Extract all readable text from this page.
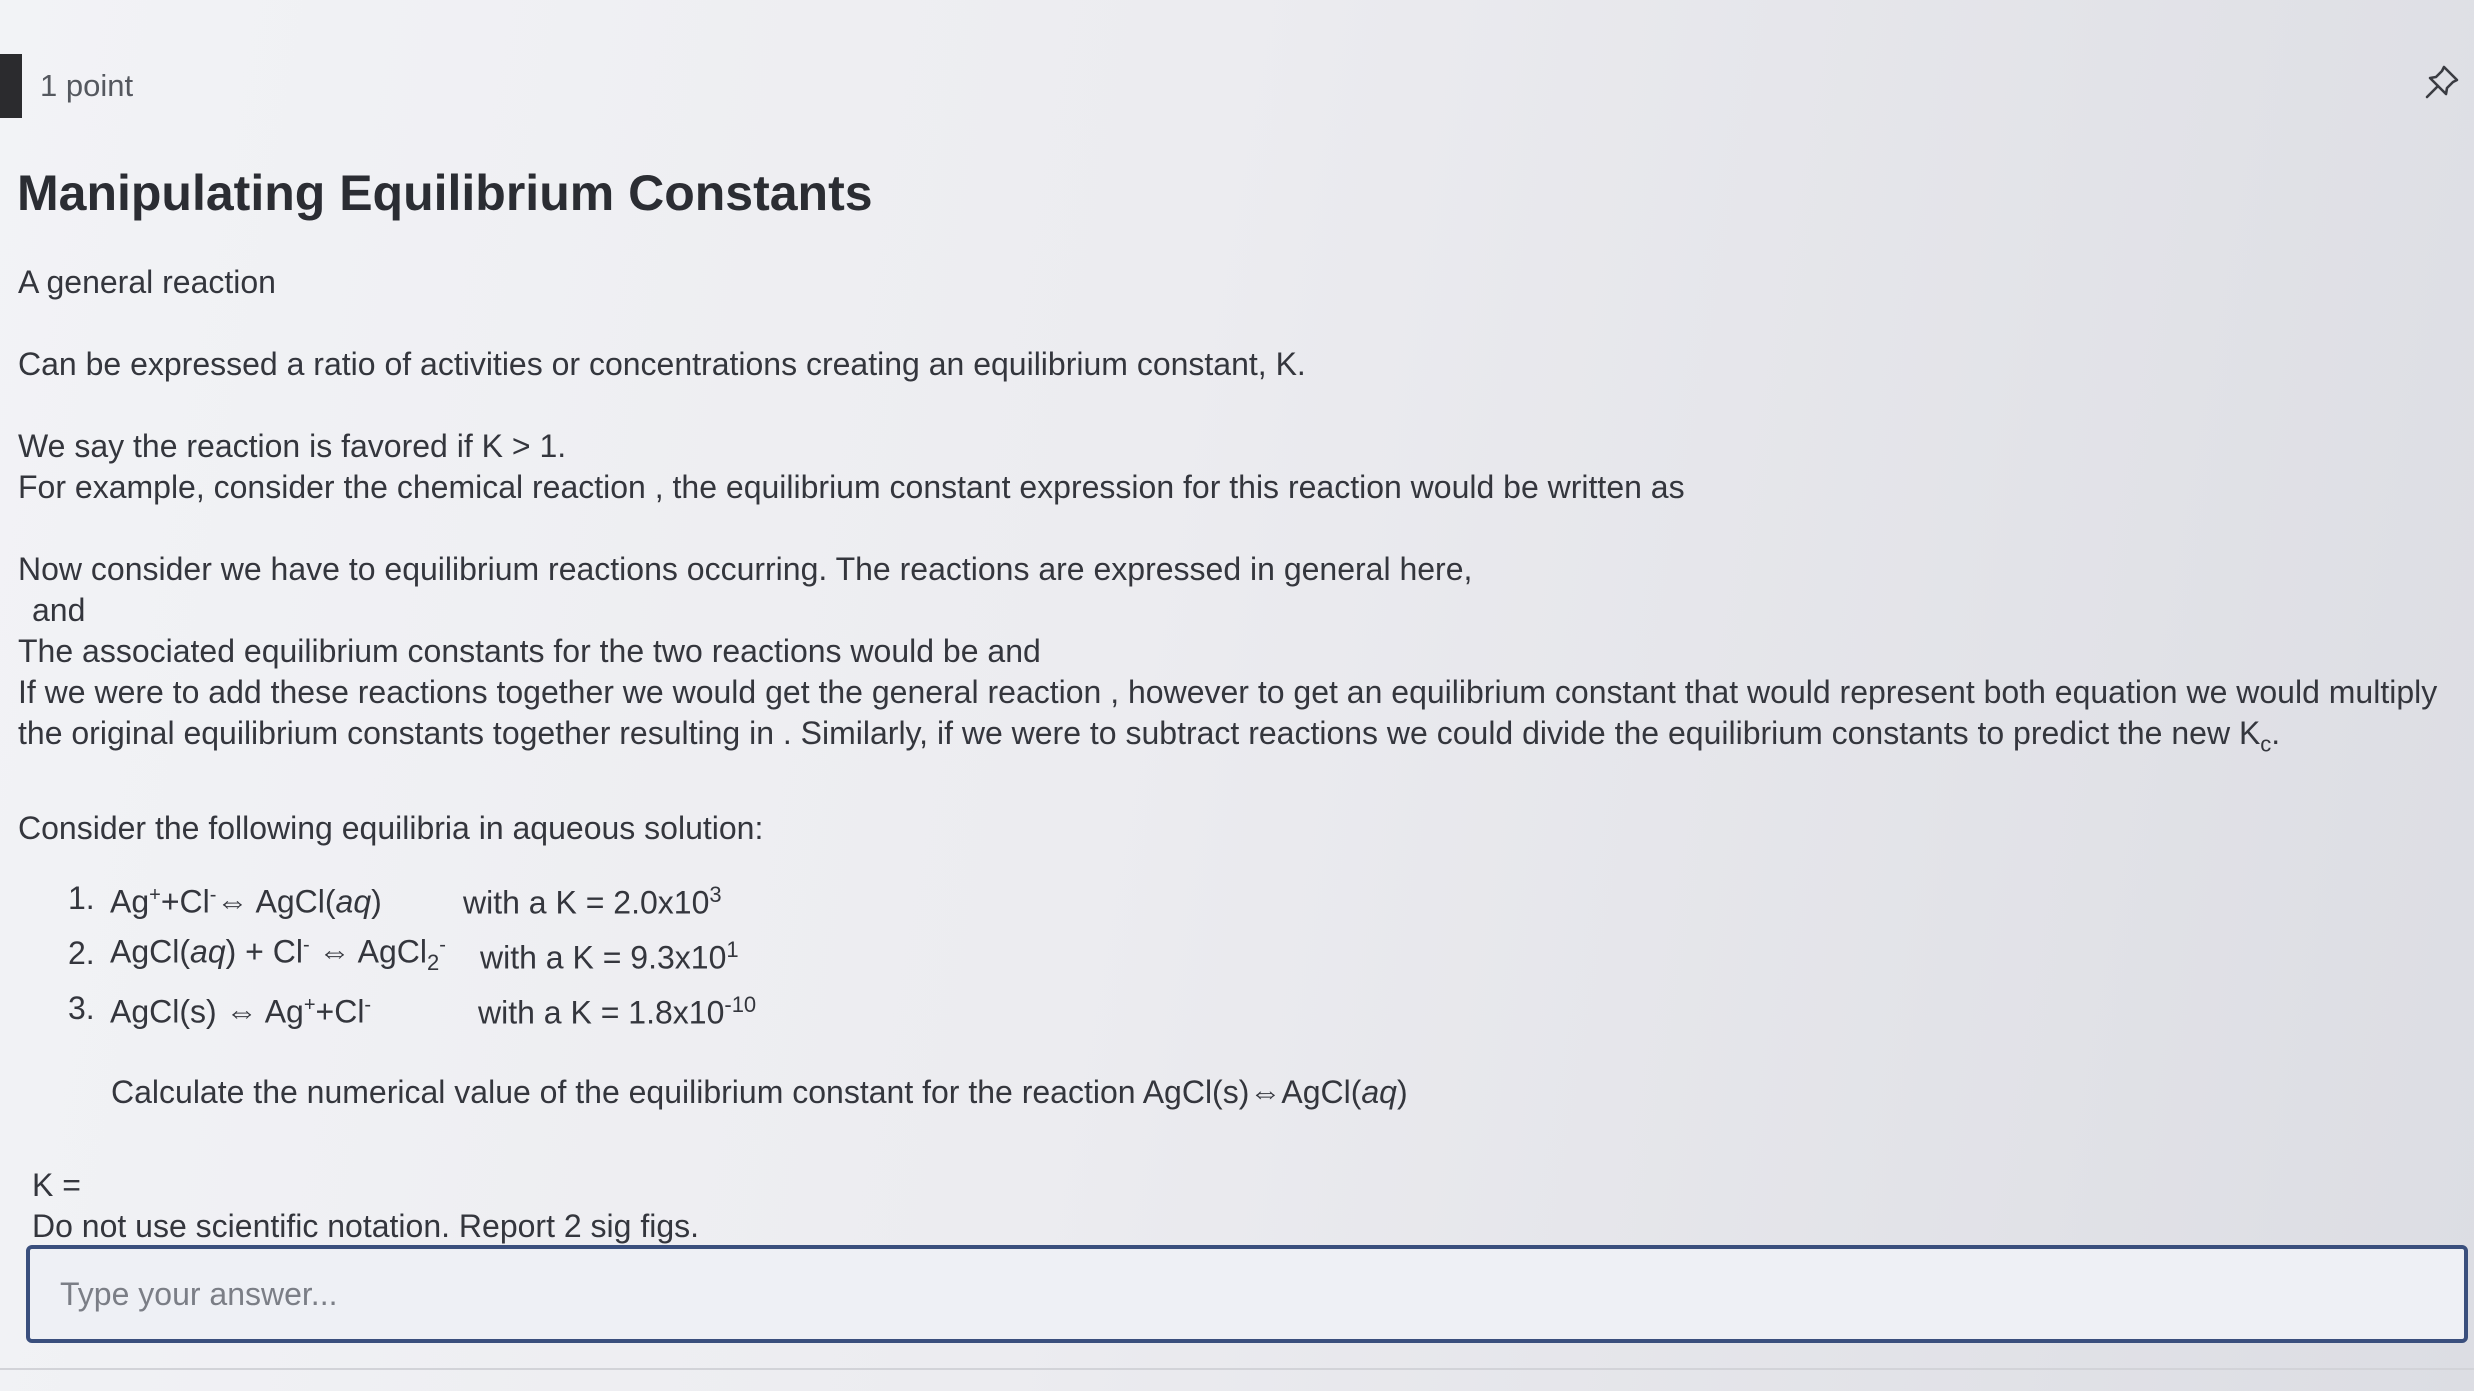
1 point
Manipulating Equilibrium Constants

A general reaction

Can be expressed a ratio of activities or concentrations creating an equilibrium constant, K.

We say the reaction is favored if K > 1.

For example, consider the chemical reaction , the equilibrium constant expression for this reaction would be written as

Now consider we have to equilibrium reactions occurring. The reactions are expressed in general here,

and

The associated equilibrium constants for the two reactions would be and

If we were to add these reactions together we would get the general reaction , however to get an equilibrium constant that would represent both equation we would multiply the original equilibrium constants together resulting in . Similarly, if we were to subtract reactions we could divide the equilibrium constants to predict the new $K_c$.

Consider the following equilibria in aqueous solution:

1. Ag++Cl-⇔ AgCl(aq)	with a $K = 2.0x10^3$
2. AgCl(aq) + Cl- ⇔ AgCl$_2$-	with a $K = 9.3x10^1$
3. AgCl(s) ⇔ Ag++Cl-	with a $K = 1.8x10^{-10}$

Calculate the numerical value of the equilibrium constant for the reaction AgCl(s)⇔AgCl(aq)

K =

Do not use scientific notation. Report 2 sig figs.

Type your answer...
